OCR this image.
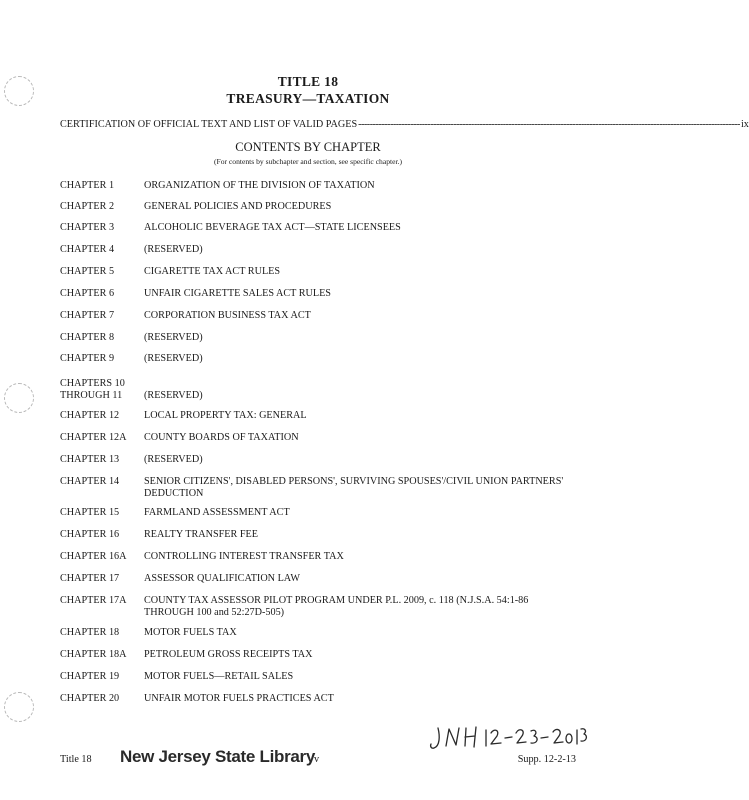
TITLE 18
TREASURY—TAXATION
CERTIFICATION OF OFFICIAL TEXT AND LIST OF VALID PAGES ------------------------------------------------------------------------------------------------------------------------------------ ix
CONTENTS BY CHAPTER
(For contents by subchapter and section, see specific chapter.)
CHAPTER 1	ORGANIZATION OF THE DIVISION OF TAXATION
CHAPTER 2	GENERAL POLICIES AND PROCEDURES
CHAPTER 3	ALCOHOLIC BEVERAGE TAX ACT—STATE LICENSEES
CHAPTER 4	(RESERVED)
CHAPTER 5	CIGARETTE TAX ACT RULES
CHAPTER 6	UNFAIR CIGARETTE SALES ACT RULES
CHAPTER 7	CORPORATION BUSINESS TAX ACT
CHAPTER 8	(RESERVED)
CHAPTER 9	(RESERVED)
CHAPTERS 10
THROUGH 11	(RESERVED)
CHAPTER 12	LOCAL PROPERTY TAX: GENERAL
CHAPTER 12A	COUNTY BOARDS OF TAXATION
CHAPTER 13	(RESERVED)
CHAPTER 14	SENIOR CITIZENS', DISABLED PERSONS', SURVIVING SPOUSES'/CIVIL UNION PARTNERS' DEDUCTION
CHAPTER 15	FARMLAND ASSESSMENT ACT
CHAPTER 16	REALTY TRANSFER FEE
CHAPTER 16A	CONTROLLING INTEREST TRANSFER TAX
CHAPTER 17	ASSESSOR QUALIFICATION LAW
CHAPTER 17A	COUNTY TAX ASSESSOR PILOT PROGRAM UNDER P.L. 2009, c. 118 (N.J.S.A. 54:1-86 THROUGH 100 and 52:27D-505)
CHAPTER 18	MOTOR FUELS TAX
CHAPTER 18A	PETROLEUM GROSS RECEIPTS TAX
CHAPTER 19	MOTOR FUELS—RETAIL SALES
CHAPTER 20	UNFAIR MOTOR FUELS PRACTICES ACT
Title 18 New Jersey State Library
v	Supp. 12-2-13
